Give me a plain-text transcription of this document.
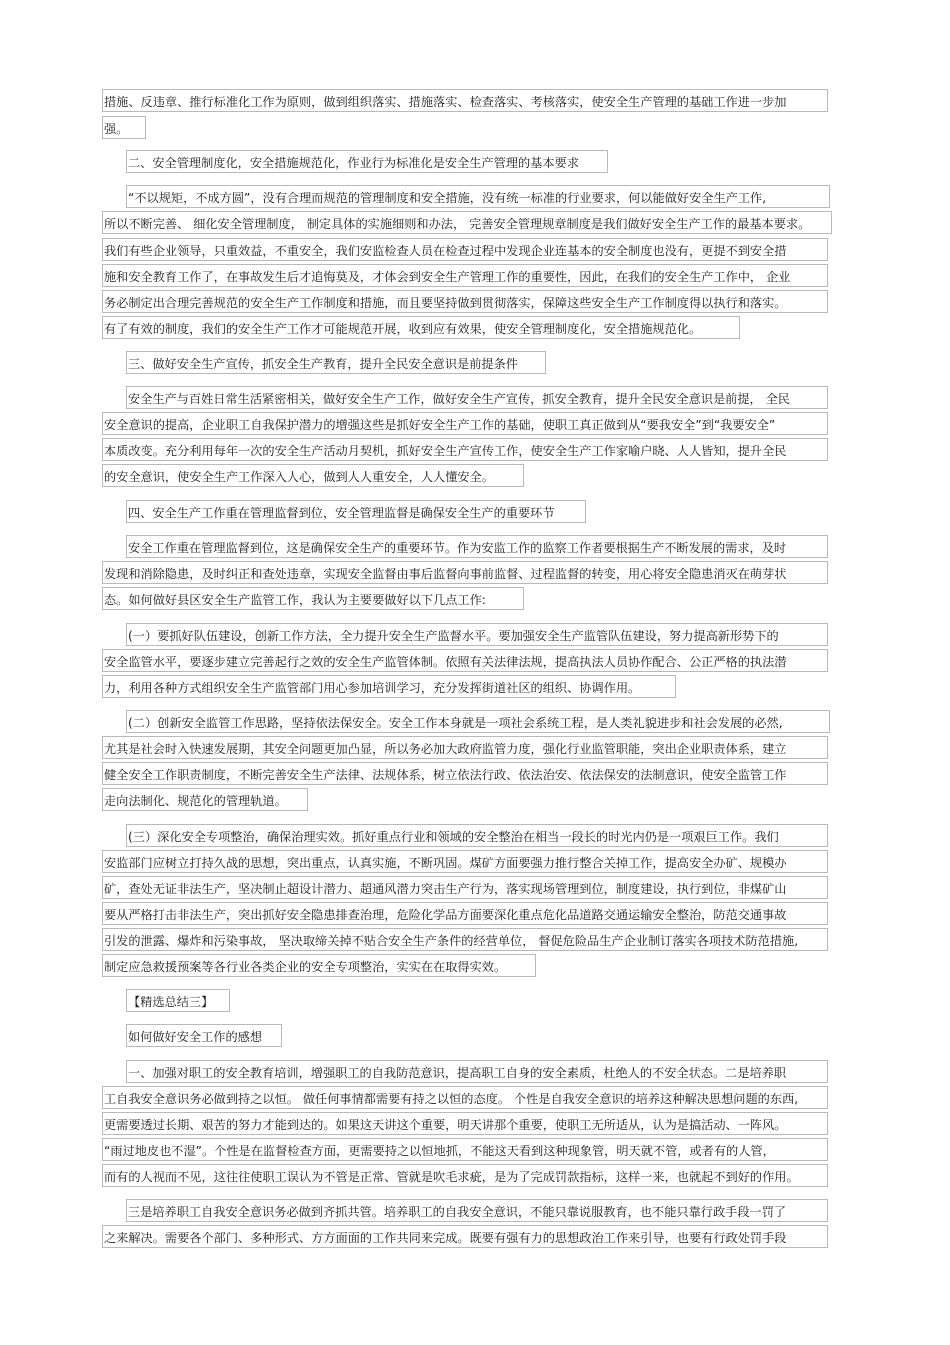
措施、反违章、推行标准化工作为原则，做到组织落实、措施落实、检查落实、考核落实，使安全生产管理的基础工作进一步加
强。
二、安全管理制度化，安全措施规范化，作业行为标准化是安全生产管理的基本要求
“不以规矩，不成方圆”，没有合理而规范的管理制度和安全措施，没有统一标准的行业要求，何以能做好安全生产工作,
所以不断完善、 细化安全管理制度， 制定具体的实施细则和办法， 完善安全管理规章制度是我们做好安全生产工作的最基本要求。
我们有些企业领导，只重效益，不重安全，我们安监检查人员在检查过程中发现企业连基本的安全制度也没有，更提不到安全措
施和安全教育工作了，在事故发生后才追悔莫及，才体会到安全生产管理工作的重要性，因此，在我们的安全生产工作中， 企业
务必制定出合理完善规范的安全生产工作制度和措施，而且要坚持做到贯彻落实，保障这些安全生产工作制度得以执行和落实。
有了有效的制度，我们的安全生产工作才可能规范开展，收到应有效果，使安全管理制度化，安全措施规范化。
三、做好安全生产宣传，抓安全生产教育，提升全民安全意识是前提条件
安全生产与百姓日常生活紧密相关，做好安全生产工作，做好安全生产宣传，抓安全教育，提升全民安全意识是前提， 全民
安全意识的提高，企业职工自我保护潜力的增强这些是抓好安全生产工作的基础，使职工真正做到从“要我安全”到“我要安全”
本质改变。充分利用每年一次的安全生产活动月契机，抓好安全生产宣传工作，使安全生产工作家喻户晓、人人皆知，提升全民
的安全意识，使安全生产工作深入人心，做到人人重安全，人人懂安全。
四、安全生产工作重在管理监督到位，安全管理监督是确保安全生产的重要环节
安全工作重在管理监督到位，这是确保安全生产的重要环节。作为安监工作的监察工作者要根据生产不断发展的需求，及时
发现和消除隐患，及时纠正和查处违章，实现安全监督由事后监督向事前监督、过程监督的转变，用心将安全隐患消灭在萌芽状
态。如何做好县区安全生产监管工作，我认为主要要做好以下几点工作:
(一）要抓好队伍建设，创新工作方法，全力提升安全生产监督水平。要加强安全生产监管队伍建设，努力提高新形势下的
安全监管水平，要逐步建立完善起行之效的安全生产监管体制。依照有关法律法规，提高执法人员协作配合、公正严格的执法潜
力，利用各种方式组织安全生产监管部门用心参加培训学习，充分发挥街道社区的组织、协调作用。
(二）创新安全监管工作思路，坚持依法保安全。安全工作本身就是一项社会系统工程，是人类礼貌进步和社会发展的必然,
尤其是社会时入快速发展期，其安全问题更加凸显，所以务必加大政府监管力度，强化行业监管职能，突出企业职责体系，建立
健全安全工作职责制度，不断完善安全生产法律、法规体系，树立依法行政、依法治安、依法保安的法制意识，使安全监管工作
走向法制化、规范化的管理轨道。
(三）深化安全专项整治，确保治理实效。抓好重点行业和领域的安全整治在相当一段长的时光内仍是一项艰巨工作。我们
安监部门应树立打持久战的思想，突出重点，认真实施，不断巩固。煤矿方面要强力推行整合关掉工作，提高安全办矿、规模办
矿，查处无证非法生产，坚决制止超设计潜力、超通风潜力突击生产行为，落实现场管理到位，制度建设，执行到位，非煤矿山
要从严格打击非法生产，突出抓好安全隐患排查治理，危险化学品方面要深化重点危化品道路交通运输安全整治，防范交通事故
引发的泄露、爆炸和污染事故， 坚决取缔关掉不贴合安全生产条件的经营单位， 督促危险品生产企业制订落实各项技术防范措施,
制定应急救援预案等各行业各类企业的安全专项整治，实实在在取得实效。
【精选总结三】
如何做好安全工作的感想
一、加强对职工的安全教育培训，增强职工的自我防范意识，提高职工自身的安全素质，杜绝人的不安全状态。二是培养职
工自我安全意识务必做到持之以恒。 做任何事情都需要有持之以恒的态度。 个性是自我安全意识的培养这种解决思想问题的东西,
更需要透过长期、艰苦的努力才能到达的。如果这天讲这个重要，明天讲那个重要，使职工无所适从，认为是搞活动、一阵风。
“雨过地皮也不湿”。个性是在监督检查方面，更需要持之以恒地抓，不能这天看到这种现象管，明天就不管，或者有的人管，
而有的人视而不见，这往往使职工误认为不管是正常、管就是吹毛求疵，是为了完成罚款指标，这样一来，也就起不到好的作用。
三是培养职工自我安全意识务必做到齐抓共管。培养职工的自我安全意识，不能只靠说服教育，也不能只靠行政手段一罚了
之来解决。需要各个部门、多种形式、方方面面的工作共同来完成。既要有强有力的思想政治工作来引导，也要有行政处罚手段
